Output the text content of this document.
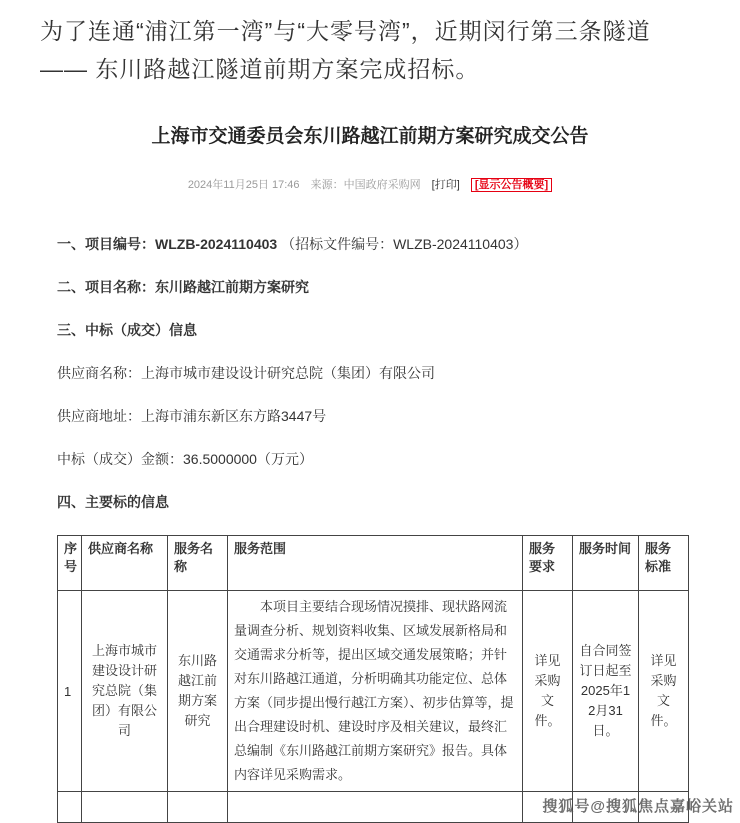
为了连通“浦江第一湾”与“大零号湾”，近期闵行第三条隧道 —— 东川路越江隧道前期方案完成招标。

上海市交通委员会东川路越江前期方案研究成交公告
2024年11月25日 17:46 来源：中国政府采购网 [打印] [显示公告概要]

一、项目编号：WLZB-2024110403 （招标文件编号：WLZB-2024110403）

二、项目名称：东川路越江前期方案研究

三、中标（成交）信息

供应商名称：上海市城市建设设计研究总院（集团）有限公司

供应商地址：上海市浦东新区东方路3447号

中标（成交）金额：36.5000000（万元）

四、主要标的信息

序号	供应商名称	服务名称	服务范围	服务要求	服务时间	服务标准
1	上海市城市建设设计研究总院（集团）有限公司	东川路越江前期方案研究	本项目主要结合现场情况摸排、现状路网流量调查分析、规划资料收集、区域发展新格局和交通需求分析等，提出区域交通发展策略；并针对东川路越江通道，分析明确其功能定位、总体方案（同步提出慢行越江方案）、初步估算等，提出合理建设时机、建设时序及相关建议，最终汇总编制《东川路越江前期方案研究》报告。具体内容详见采购需求。	详见采购文件。	自合同签订日起至2025年12月31日。	详见采购文件。

搜狐号@搜狐焦点嘉峪关站
